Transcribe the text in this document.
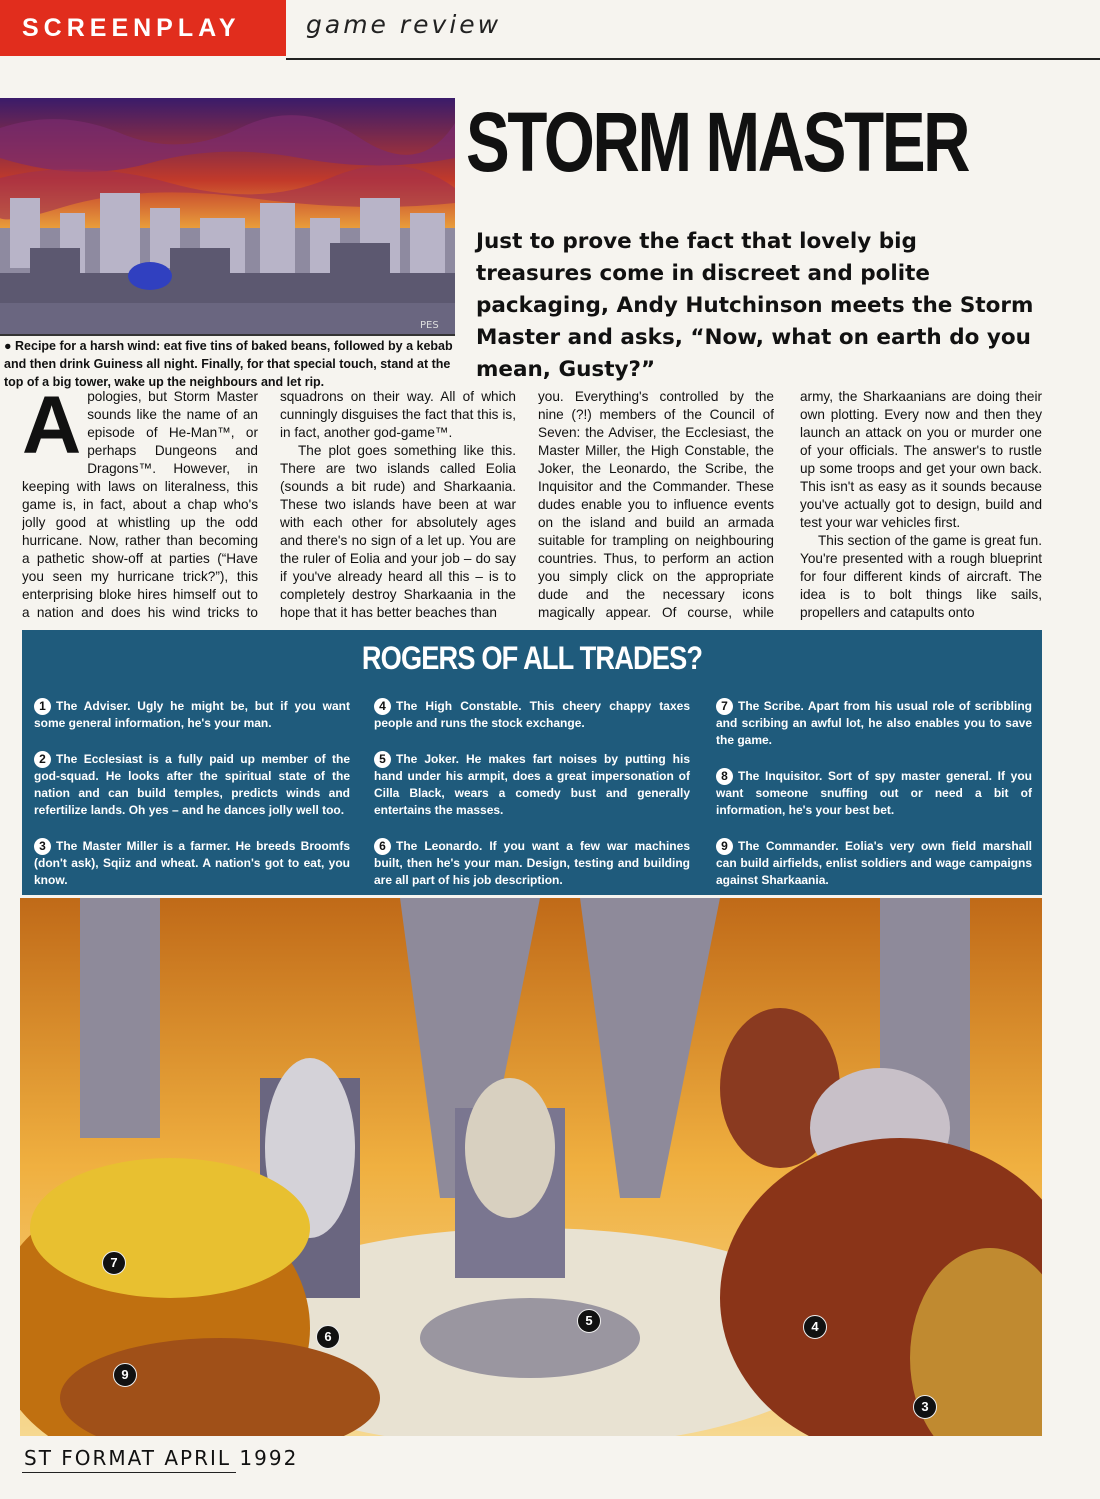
SCREENPLAY	game review
PES
● Recipe for a harsh wind: eat five tins of baked beans, followed by a kebab and then drink Guiness all night. Finally, for that special touch, stand at the top of a big tower, wake up the neighbours and let rip.
STORM MASTER
Just to prove the fact that lovely big treasures come in discreet and polite packaging, Andy Hutchinson meets the Storm Master and asks, “Now, what on earth do you mean, Gusty?”
A pologies, but Storm Master sounds like the name of an episode of He-Man™, or perhaps Dungeons and Dragons™. However, in keeping with laws on literalness, this game is, in fact, about a chap who's jolly good at whistling up the odd hurricane. Now, rather than becoming a pathetic show-off at parties (“Have you seen my hurricane trick?”), this enterprising bloke hires himself out to a nation and does his wind tricks to

squadrons on their way. All of which cunningly disguises the fact that this is, in fact, another god-game™.

The plot goes something like this. There are two islands called Eolia (sounds a bit rude) and Sharkaania. These two islands have been at war with each other for absolutely ages and there's no sign of a let up. You are the ruler of Eolia and your job – do say if you've already heard all this – is to completely destroy Sharkaania in the hope that it has better beaches than

you. Everything's controlled by the nine (?!) members of the Council of Seven: the Adviser, the Ecclesiast, the Master Miller, the High Constable, the Joker, the Leonardo, the Scribe, the Inquisitor and the Commander. These dudes enable you to influence events on the island and build an armada suitable for trampling on neighbouring countries. Thus, to perform an action you simply click on the appropriate dude and the necessary icons magically appear. Of course, while

army, the Sharkaanians are doing their own plotting. Every now and then they launch an attack on you or murder one of your officials. The answer's to rustle up some troops and get your own back. This isn't as easy as it sounds because you've actually got to design, build and test your war vehicles first.

This section of the game is great fun. You're presented with a rough blueprint for four different kinds of aircraft. The idea is to bolt things like sails, propellers and catapults onto

ROGERS OF ALL TRADES?
1 The Adviser. Ugly he might be, but if you want some general information, he's your man.
2 The Ecclesiast is a fully paid up member of the god-squad. He looks after the spiritual state of the nation and can build temples, predicts winds and refertilize lands. Oh yes – and he dances jolly well too.
3 The Master Miller is a farmer. He breeds Broomfs (don't ask), Sqiiz and wheat. A nation's got to eat, you know.
4 The High Constable. This cheery chappy taxes people and runs the stock exchange.
5 The Joker. He makes fart noises by putting his hand under his armpit, does a great impersonation of Cilla Black, wears a comedy bust and generally entertains the masses.
6 The Leonardo. If you want a few war machines built, then he's your man. Design, testing and building are all part of his job description.
7 The Scribe. Apart from his usual role of scribbling and scribing an awful lot, he also enables you to save the game.
8 The Inquisitor. Sort of spy master general. If you want someone snuffing out or need a bit of information, he's your best bet.
9 The Commander. Eolia's very own field marshall can build airfields, enlist soldiers and wage campaigns against Sharkaania.
7
6
5	4
9
3
ST FORMAT APRIL 1992
